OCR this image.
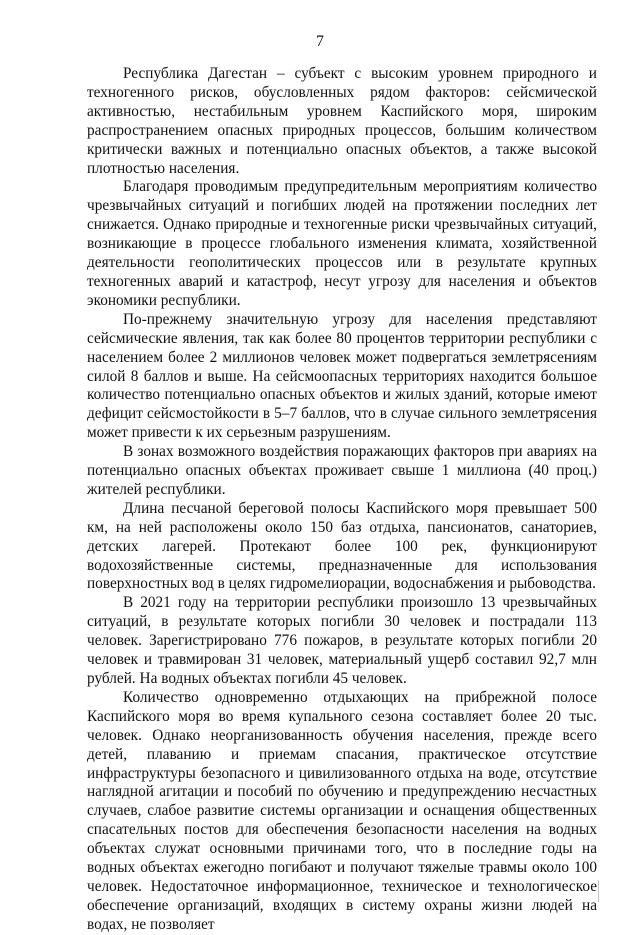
7

Республика Дагестан – субъект с высоким уровнем природного и техногенного рисков, обусловленных рядом факторов: сейсмической активностью, нестабильным уровнем Каспийского моря, широким распространением опасных природных процессов, большим количеством критически важных и потенциально опасных объектов, а также высокой плотностью населения.

Благодаря проводимым предупредительным мероприятиям количество чрезвычайных ситуаций и погибших людей на протяжении последних лет снижается. Однако природные и техногенные риски чрезвычайных ситуаций, возникающие в процессе глобального изменения климата, хозяйственной деятельности геополитических процессов или в результате крупных техногенных аварий и катастроф, несут угрозу для населения и объектов экономики республики.

По-прежнему значительную угрозу для населения представляют сейсмические явления, так как более 80 процентов территории республики с населением более 2 миллионов человек может подвергаться землетрясениям силой 8 баллов и выше. На сейсмоопасных территориях находится большое количество потенциально опасных объектов и жилых зданий, которые имеют дефицит сейсмостойкости в 5–7 баллов, что в случае сильного землетрясения может привести к их серьезным разрушениям.

В зонах возможного воздействия поражающих факторов при авариях на потенциально опасных объектах проживает свыше 1 миллиона (40 проц.) жителей республики.

Длина песчаной береговой полосы Каспийского моря превышает 500 км, на ней расположены около 150 баз отдыха, пансионатов, санаториев, детских лагерей. Протекают более 100 рек, функционируют водохозяйственные системы, предназначенные для использования поверхностных вод в целях гидромелиорации, водоснабжения и рыбоводства.

В 2021 году на территории республики произошло 13 чрезвычайных ситуаций, в результате которых погибли 30 человек и пострадали 113 человек. Зарегистрировано 776 пожаров, в результате которых погибли 20 человек и травмирован 31 человек, материальный ущерб составил 92,7 млн рублей. На водных объектах погибли 45 человек.

Количество одновременно отдыхающих на прибрежной полосе Каспийского моря во время купального сезона составляет более 20 тыс. человек. Однако неорганизованность обучения населения, прежде всего детей, плаванию и приемам спасания, практическое отсутствие инфраструктуры безопасного и цивилизованного отдыха на воде, отсутствие наглядной агитации и пособий по обучению и предупреждению несчастных случаев, слабое развитие системы организации и оснащения общественных спасательных постов для обеспечения безопасности населения на водных объектах служат основными причинами того, что в последние годы на водных объектах ежегодно погибают и получают тяжелые травмы около 100 человек. Недостаточное информационное, техническое и технологическое обеспечение организаций, входящих в систему охраны жизни людей на водах, не позволяет
